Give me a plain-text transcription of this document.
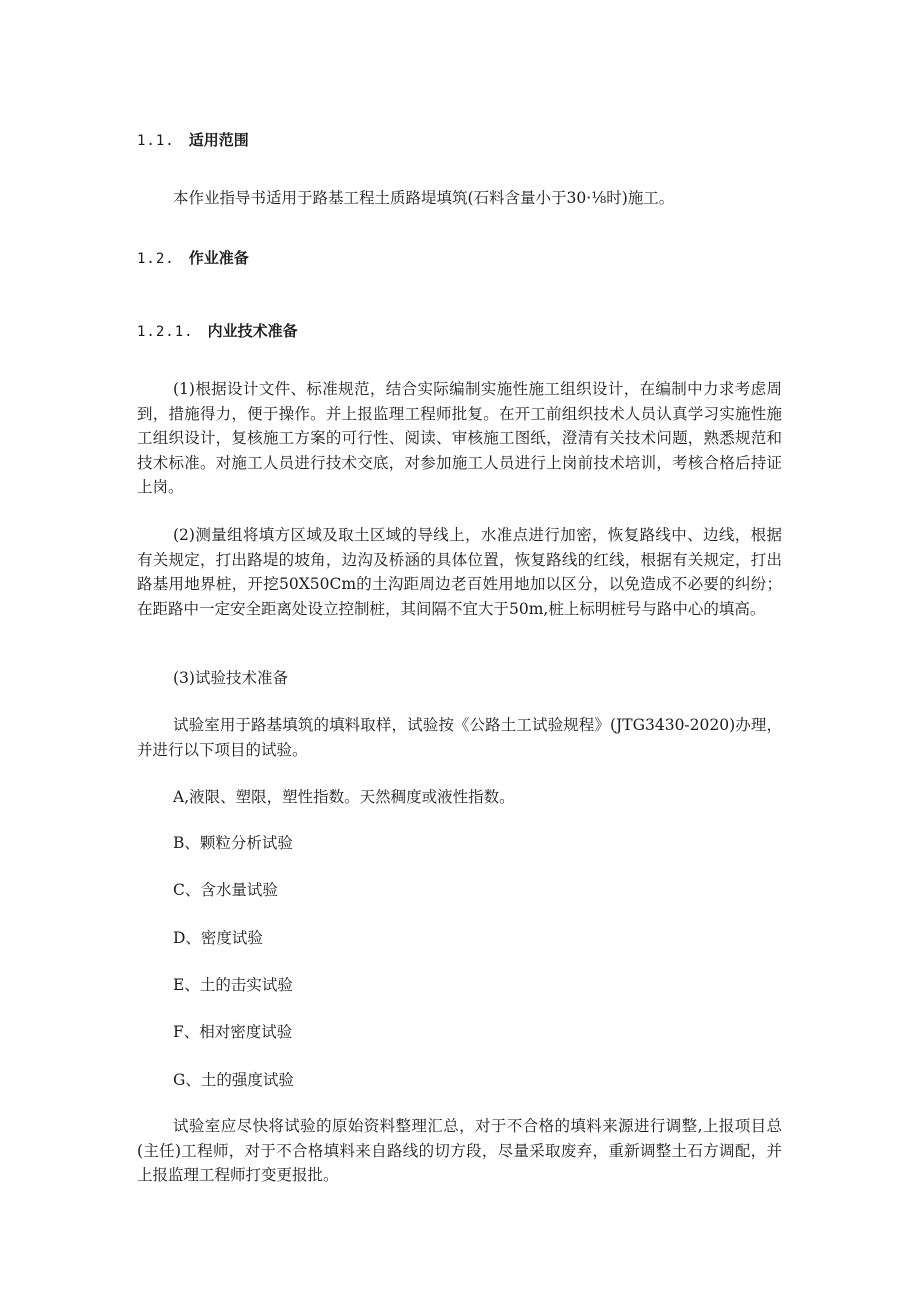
1.1. 适用范围

本作业指导书适用于路基工程土质路堤填筑(石料含量小于30·⅛时)施工。

1.2. 作业准备
1.2.1. 内业技术准备

(1)根据设计文件、标准规范，结合实际编制实施性施工组织设计，在编制中力求考虑周到，措施得力，便于操作。并上报监理工程师批复。在开工前组织技术人员认真学习实施性施工组织设计，复核施工方案的可行性、阅读、审核施工图纸，澄清有关技术问题，熟悉规范和技术标准。对施工人员进行技术交底，对参加施工人员进行上岗前技术培训，考核合格后持证上岗。

(2)测量组将填方区域及取土区域的导线上，水准点进行加密，恢复路线中、边线，根据有关规定，打出路堤的坡角，边沟及桥涵的具体位置，恢复路线的红线，根据有关规定，打出路基用地界桩，开挖50X50Cm的土沟距周边老百姓用地加以区分，以免造成不必要的纠纷；在距路中一定安全距离处设立控制桩，其间隔不宜大于50m,桩上标明桩号与路中心的填高。

(3)试验技术准备

试验室用于路基填筑的填料取样，试验按《公路土工试验规程》(JTG3430-2020)办理，并进行以下项目的试验。

A,液限、塑限，塑性指数。天然稠度或液性指数。
B、颗粒分析试验
C、含水量试验
D、密度试验
E、土的击实试验
F、相对密度试验
G、土的强度试验

试验室应尽快将试验的原始资料整理汇总，对于不合格的填料来源进行调整,上报项目总(主任)工程师，对于不合格填料来自路线的切方段，尽量采取废弃，重新调整土石方调配，并上报监理工程师打变更报批。
